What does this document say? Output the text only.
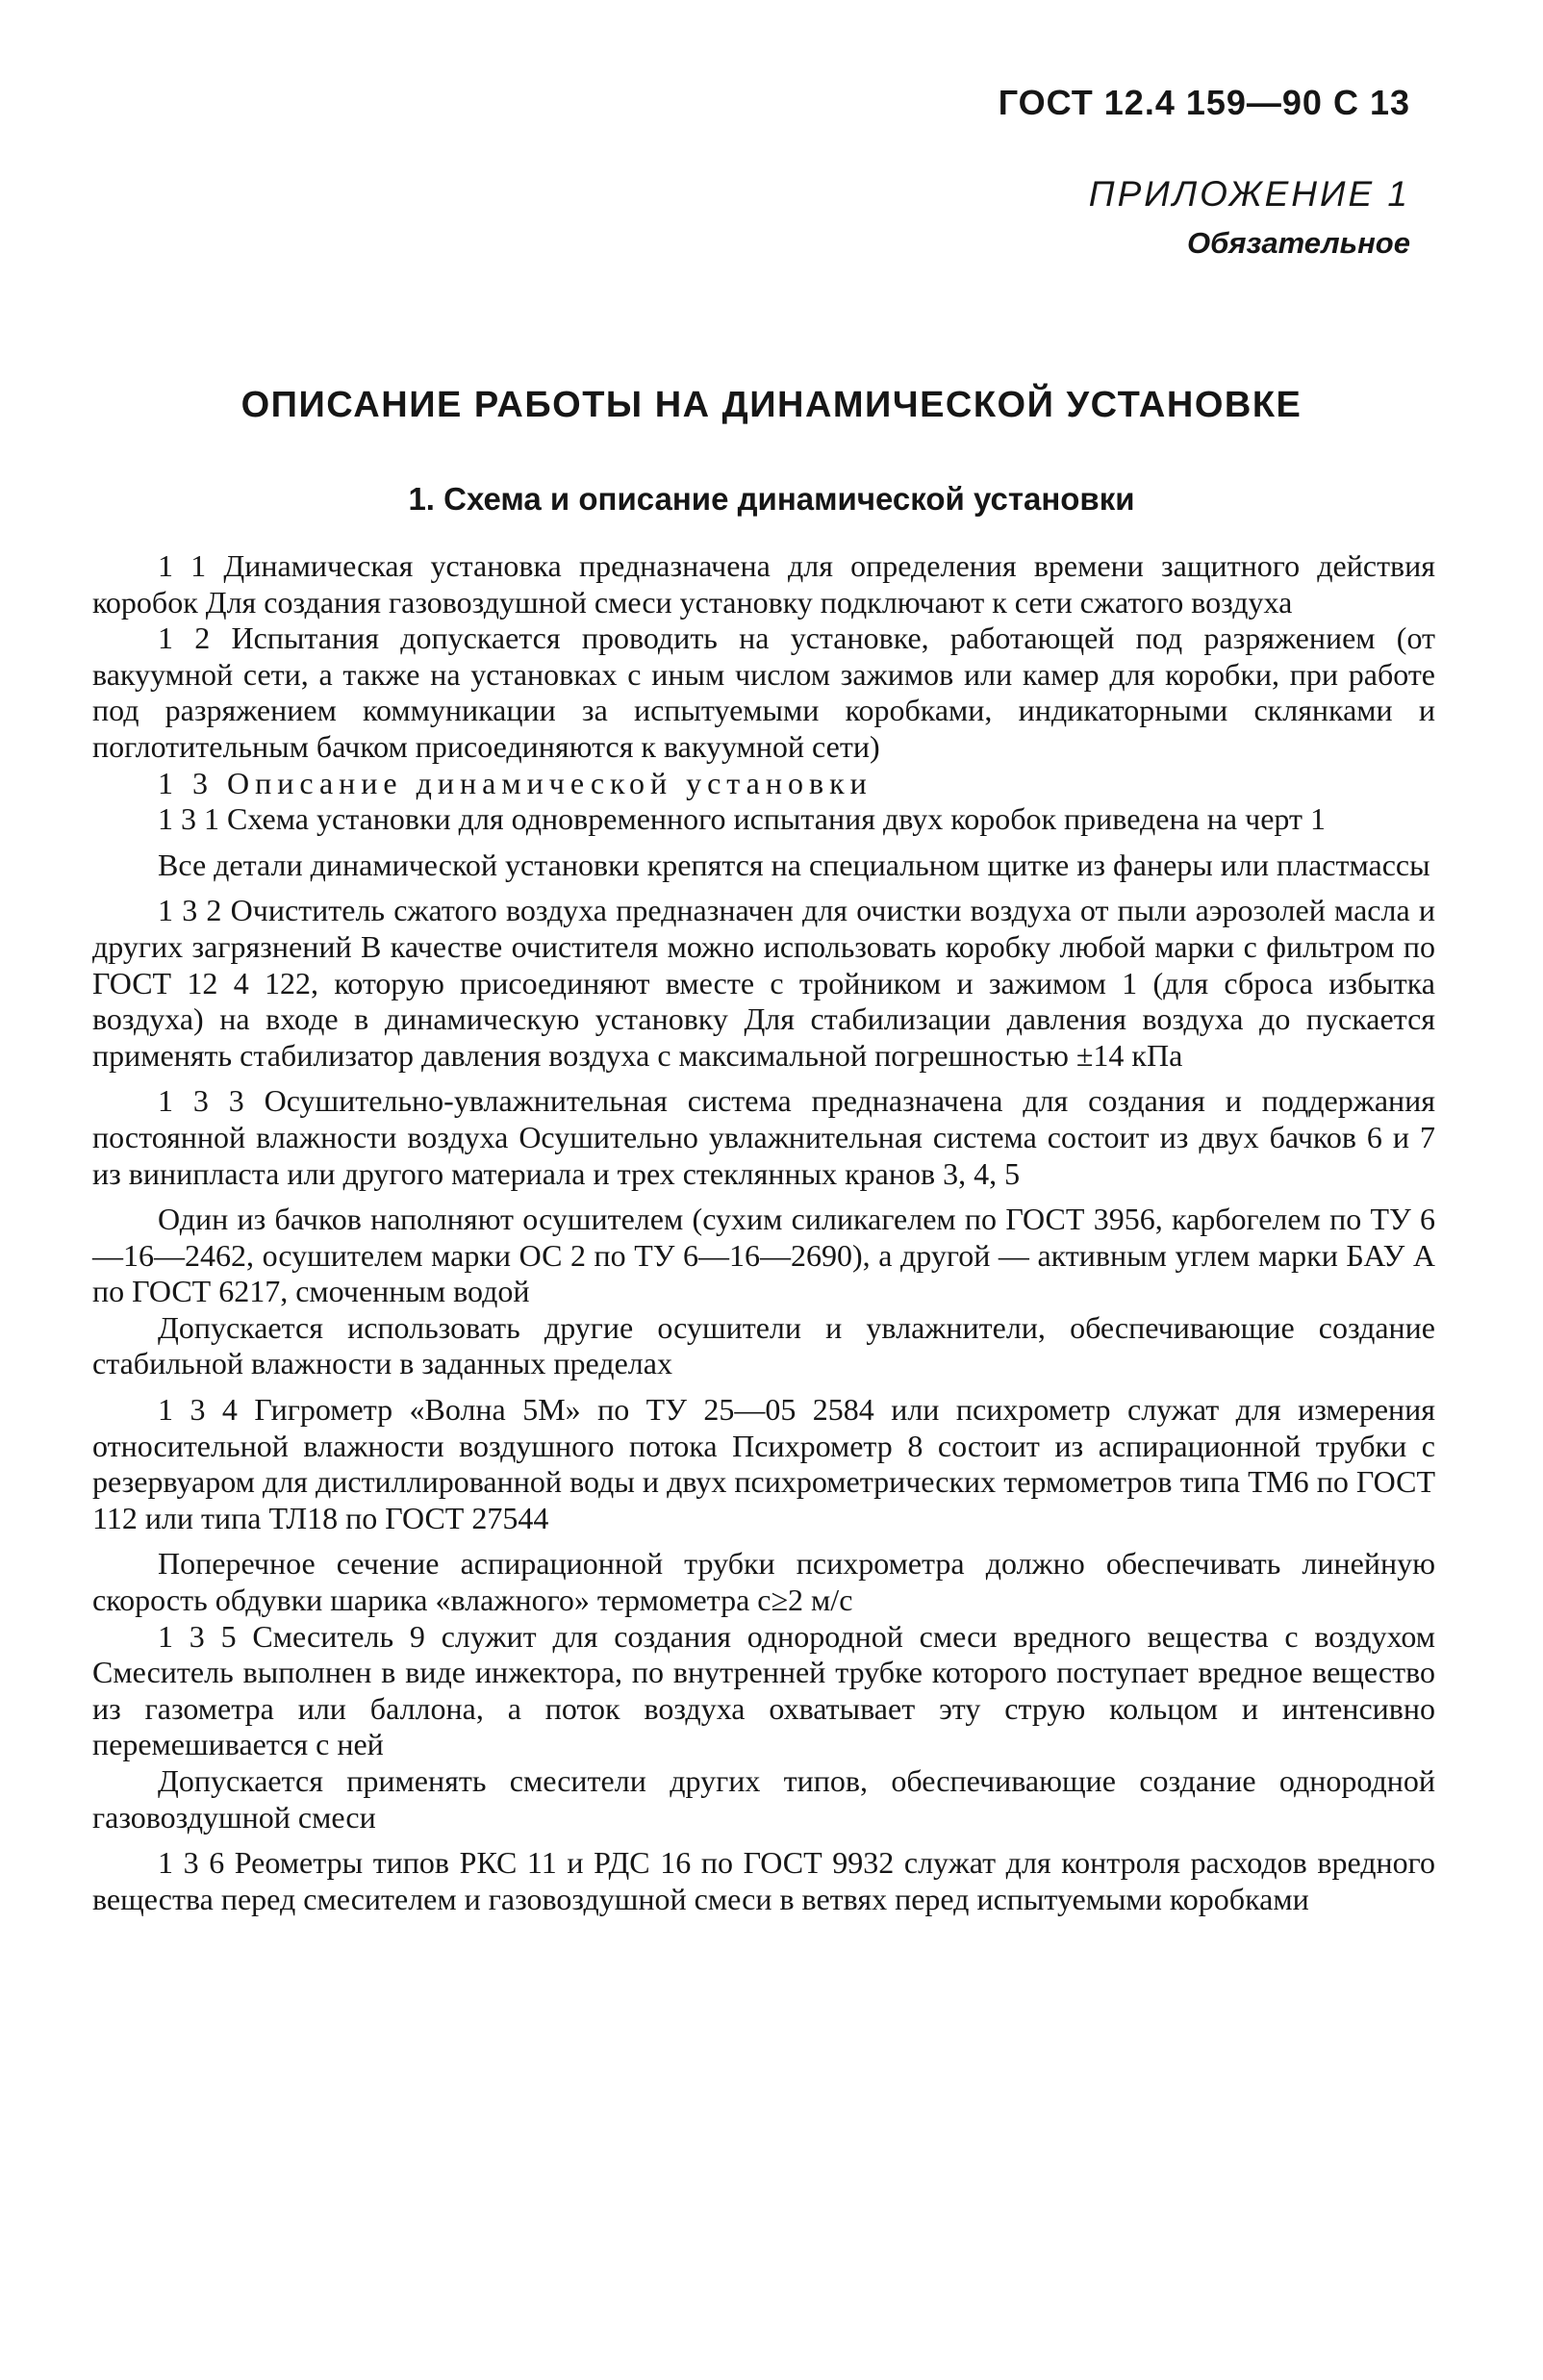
ГОСТ 12.4 159—90 С 13
ПРИЛОЖЕНИЕ 1
Обязательное
ОПИСАНИЕ РАБОТЫ НА ДИНАМИЧЕСКОЙ УСТАНОВКЕ
1. Схема и описание динамической установки

1 1 Динамическая установка предназначена для определения времени защитного действия коробок Для создания газовоздушной смеси установку подключают к сети сжатого воздуха

1 2 Испытания допускается проводить на установке, работающей под разряжением (от вакуумной сети, а также на установках с иным числом зажимов или камер для коробки, при работе под разряжением коммуникации за испытуемыми коробками, индикаторными склянками и поглотительным бачком присоединяются к вакуумной сети)

1 3 Описание динамической установки

1 3 1 Схема установки для одновременного испытания двух коробок приведена на черт 1

Все детали динамической установки крепятся на специальном щитке из фанеры или пластмассы

1 3 2 Очиститель сжатого воздуха предназначен для очистки воздуха от пыли аэрозолей масла и других загрязнений В качестве очистителя можно использовать коробку любой марки с фильтром по ГОСТ 12 4 122, которую присоединяют вместе с тройником и зажимом 1 (для сброса избытка воздуха) на входе в динамическую установку Для стабилизации давления воздуха до пускается применять стабилизатор давления воздуха с максимальной погрешностью ±14 кПа

1 3 3 Осушительно-увлажнительная система предназначена для создания и поддержания постоянной влажности воздуха Осушительно увлажнительная система состоит из двух бачков 6 и 7 из винипласта или другого материала и трех стеклянных кранов 3, 4, 5

Один из бачков наполняют осушителем (сухим силикагелем по ГОСТ 3956, карбогелем по ТУ 6—16—2462, осушителем марки ОС 2 по ТУ 6—16—2690), а другой — активным углем марки БАУ А по ГОСТ 6217, смоченным водой

Допускается использовать другие осушители и увлажнители, обеспечивающие создание стабильной влажности в заданных пределах

1 3 4 Гигрометр «Волна 5М» по ТУ 25—05 2584 или психрометр служат для измерения относительной влажности воздушного потока Психрометр 8 состоит из аспирационной трубки с резервуаром для дистиллированной воды и двух психрометрических термометров типа ТМ6 по ГОСТ 112 или типа ТЛ18 по ГОСТ 27544

Поперечное сечение аспирационной трубки психрометра должно обеспечивать линейную скорость обдувки шарика «влажного» термометра с≥2 м/с

1 3 5 Смеситель 9 служит для создания однородной смеси вредного вещества с воздухом Смеситель выполнен в виде инжектора, по внутренней трубке которого поступает вредное вещество из газометра или баллона, а поток воздуха охватывает эту струю кольцом и интенсивно перемешивается с ней

Допускается применять смесители других типов, обеспечивающие создание однородной газовоздушной смеси

1 3 6 Реометры типов РКС 11 и РДС 16 по ГОСТ 9932 служат для контроля расходов вредного вещества перед смесителем и газовоздушной смеси в ветвях перед испытуемыми коробками
